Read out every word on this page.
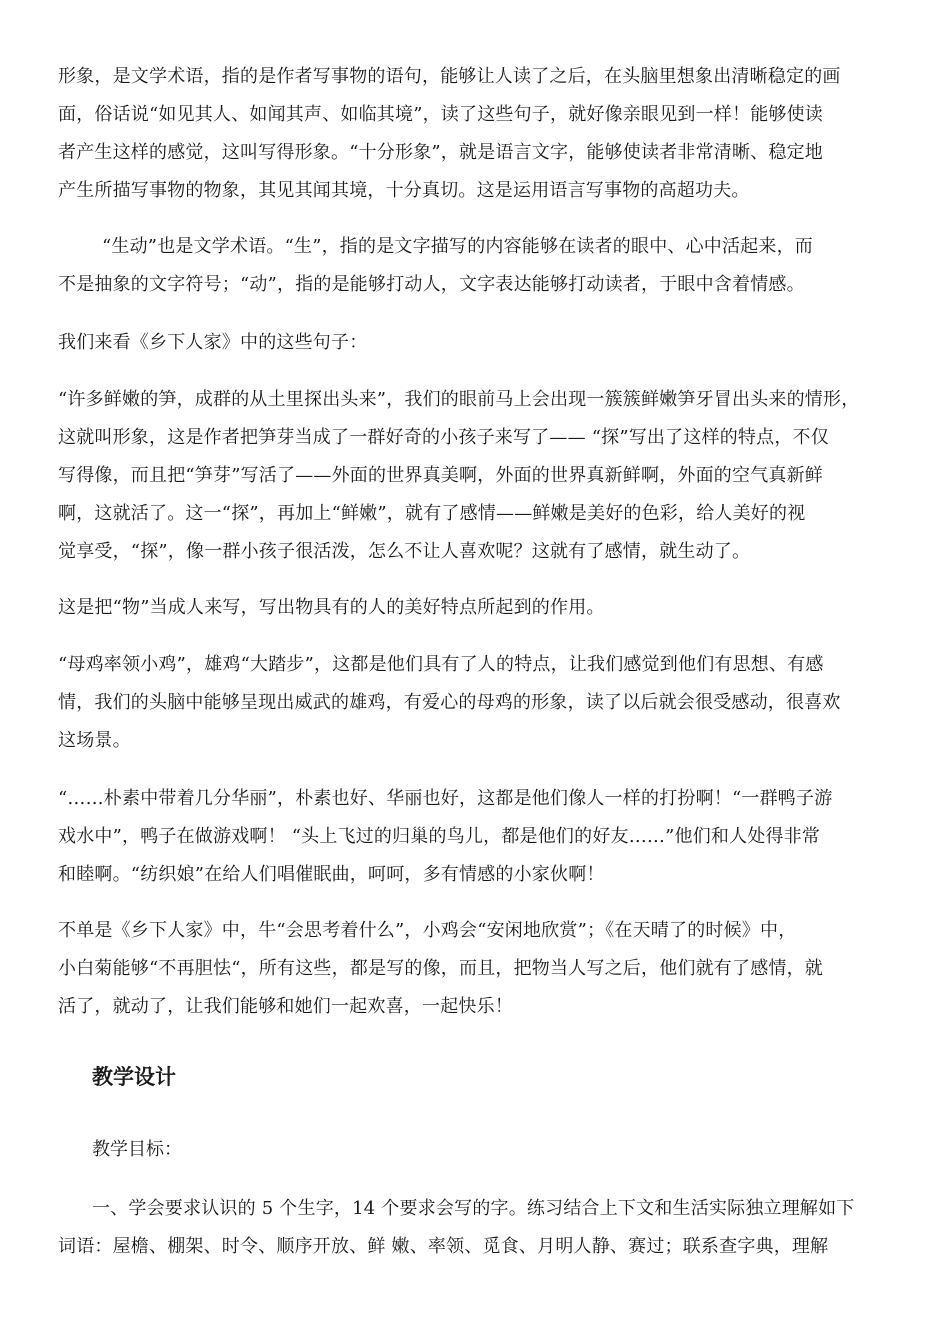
形象，是文学术语，指的是作者写事物的语句，能够让人读了之后，在头脑里想象出清晰稳定的画
面，俗话说“如见其人、如闻其声、如临其境”，读了这些句子，就好像亲眼见到一样！能够使读
者产生这样的感觉，这叫写得形象。“十分形象”，就是语言文字，能够使读者非常清晰、稳定地
产生所描写事物的物象，其见其闻其境，十分真切。这是运用语言写事物的高超功夫。
“生动”也是文学术语。“生”，指的是文字描写的内容能够在读者的眼中、心中活起来，而
不是抽象的文字符号；“动”，指的是能够打动人，文字表达能够打动读者，于眼中含着情感。
我们来看《乡下人家》中的这些句子：
“许多鲜嫩的笋，成群的从土里探出头来”，我们的眼前马上会出现一簇簇鲜嫩笋牙冒出头来的情形，
这就叫形象，这是作者把笋芽当成了一群好奇的小孩子来写了—— “探”写出了这样的特点，不仅
写得像，而且把“笋芽”写活了——外面的世界真美啊，外面的世界真新鲜啊，外面的空气真新鲜
啊，这就活了。这一“探”，再加上“鲜嫩”，就有了感情——鲜嫩是美好的色彩，给人美好的视
觉享受，“探”，像一群小孩子很活泼，怎么不让人喜欢呢？这就有了感情，就生动了。
这是把“物”当成人来写，写出物具有的人的美好特点所起到的作用。
“母鸡率领小鸡”，雄鸡“大踏步”，这都是他们具有了人的特点，让我们感觉到他们有思想、有感
情，我们的头脑中能够呈现出威武的雄鸡，有爱心的母鸡的形象，读了以后就会很受感动，很喜欢
这场景。
“……朴素中带着几分华丽”，朴素也好、华丽也好，这都是他们像人一样的打扮啊！“一群鸭子游
戏水中”，鸭子在做游戏啊！ “头上飞过的归巢的鸟儿，都是他们的好友……”他们和人处得非常
和睦啊。“纺织娘”在给人们唱催眠曲，呵呵，多有情感的小家伙啊！
不单是《乡下人家》中，牛“会思考着什么”，小鸡会“安闲地欣赏”；《在天晴了的时候》中，
小白菊能够“不再胆怯“，所有这些，都是写的像，而且，把物当人写之后，他们就有了感情，就
活了，就动了，让我们能够和她们一起欢喜，一起快乐！
教学设计

教学目标：

一、学会要求认识的 5 个生字，14 个要求会写的字。练习结合上下文和生活实际独立理解如下
词语：屋檐、棚架、时令、顺序开放、鲜 嫩、率领、觅食、月明人静、赛过；联系查字典，理解
